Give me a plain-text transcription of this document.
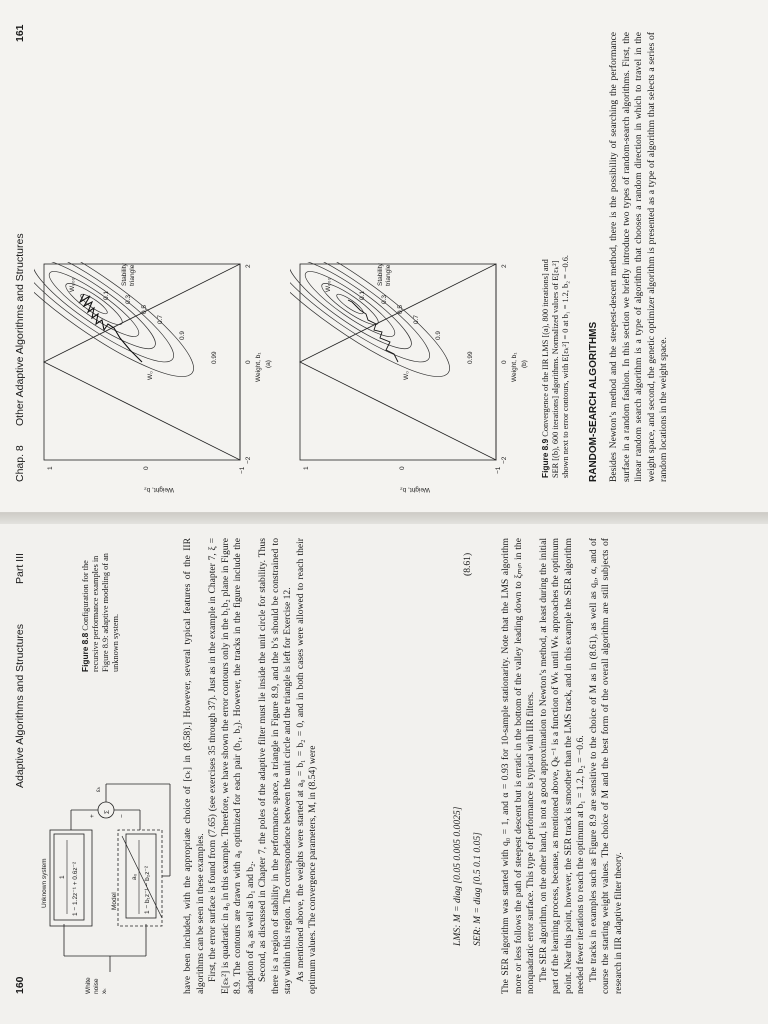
160
Adaptive Algorithms and Structures
Part III
White noise xₖ
Unknown system 1 1 − 1.2z⁻¹ + 0.6z⁻²	Model
a₀ 1 − b₁z⁻¹ − b₂z⁻²
Σ
+	−
εₖ
Figure 8.8 Configuration for the recursive performance examples in Figure 8.9: adaptive modeling of an unknown system.	have been included, with the appropriate choice of [cₖ] in (8.58).] However, several typical features of the IIR algorithms can be seen in these examples. First, the error surface is found from (7.65) (see exercises 35 through 37). Just as in the example in Chapter 7, ξ = E[εₖ²] is quadratic in a₀ in this example. Therefore, we have shown the error contours only in the b₁b₂ plane in Figure 8.9. The contours are drawn with a₀ optimized for each pair (b₁, b₂). However, the tracks in the figure include the adaption of a₀ as well as b₁ and b₂. Second, as discussed in Chapter 7, the poles of the adaptive filter must lie inside the unit circle for stability. Thus there is a region of stability in the performance space, a triangle in Figure 8.9, and the b’s should be constrained to stay within this region. The correspondence between the unit circle and the triangle is left for Exercise 12. As mentioned above, the weights were started at a₀ = b₁ = b₂ = 0, and in both cases were allowed to reach their optimum values. The convergence parameters, M, in (8.54) were	LMS: M = diag [0.05 0.005 0.0025] SER: M = diag [0.5 0.1 0.05]
(8.61)	The SER algorithm was started with q₀ = 1, and α = 0.93 for 10-sample stationarity. Note that the LMS algorithm more or less follows the path of steepest descent but is erratic in the bottom of the valley leading down to ξₘᵢₙ in the nonquadratic error surface. This type of performance is typical with IIR filters. The SER algorithm, on the other hand, is not a good approximation to Newton’s method, at least during the initial part of the learning process, because, as mentioned above, Qₖ⁻¹ is a function of Wₖ until Wₖ approaches the optimum point. Near this point, however, the SER track is smoother than the LMS track, and in this example the SER algorithm needed fewer iterations to reach the optimum at b₁ = 1.2, b₂ = −0.6. The tracks in examples such as Figure 8.9 are sensitive to the choice of M as in (8.61), as well as q₀, α, and of course the starting weight values. The choice of M and the best form of the overall algorithm are still subjects of research in IIR adaptive filter theory.

Chap. 8
Other Adaptive Algorithms and Structures
161
Weight, b₂
1	0	−1
W₀
W₈₀₀	Stability triangle
0.99
0.9
0.7
0.5
0.3
0.1
−2
0
2
Weight, b₁ (a)
Weight, b₂
1	0	−1
W₀
W₆₀₀	Stability triangle
0.99
0.9
0.7
0.5
0.3
0.1
−2
0
2
Weight, b₁ (b)
Figure 8.9 Convergence of the IIR LMS [(a), 800 iterations] and SER [(b), 600 iterations] algorithms. Normalized values of E[εₖ²] shown next to error contours, with E[εₖ²] = 0 at b₁ = 1.2, b₂ = −0.6. RANDOM-SEARCH ALGORITHMS Besides Newton’s method and the steepest-descent method, there is the possibility of searching the performance surface in a random fashion. In this section we briefly introduce two types of random-search algorithms. First, the linear random search algorithm is a type of algorithm that chooses a random direction in which to travel in the weight space, and second, the genetic optimizer algorithm is presented as a type of algorithm that selects a series of random locations in the weight space.
